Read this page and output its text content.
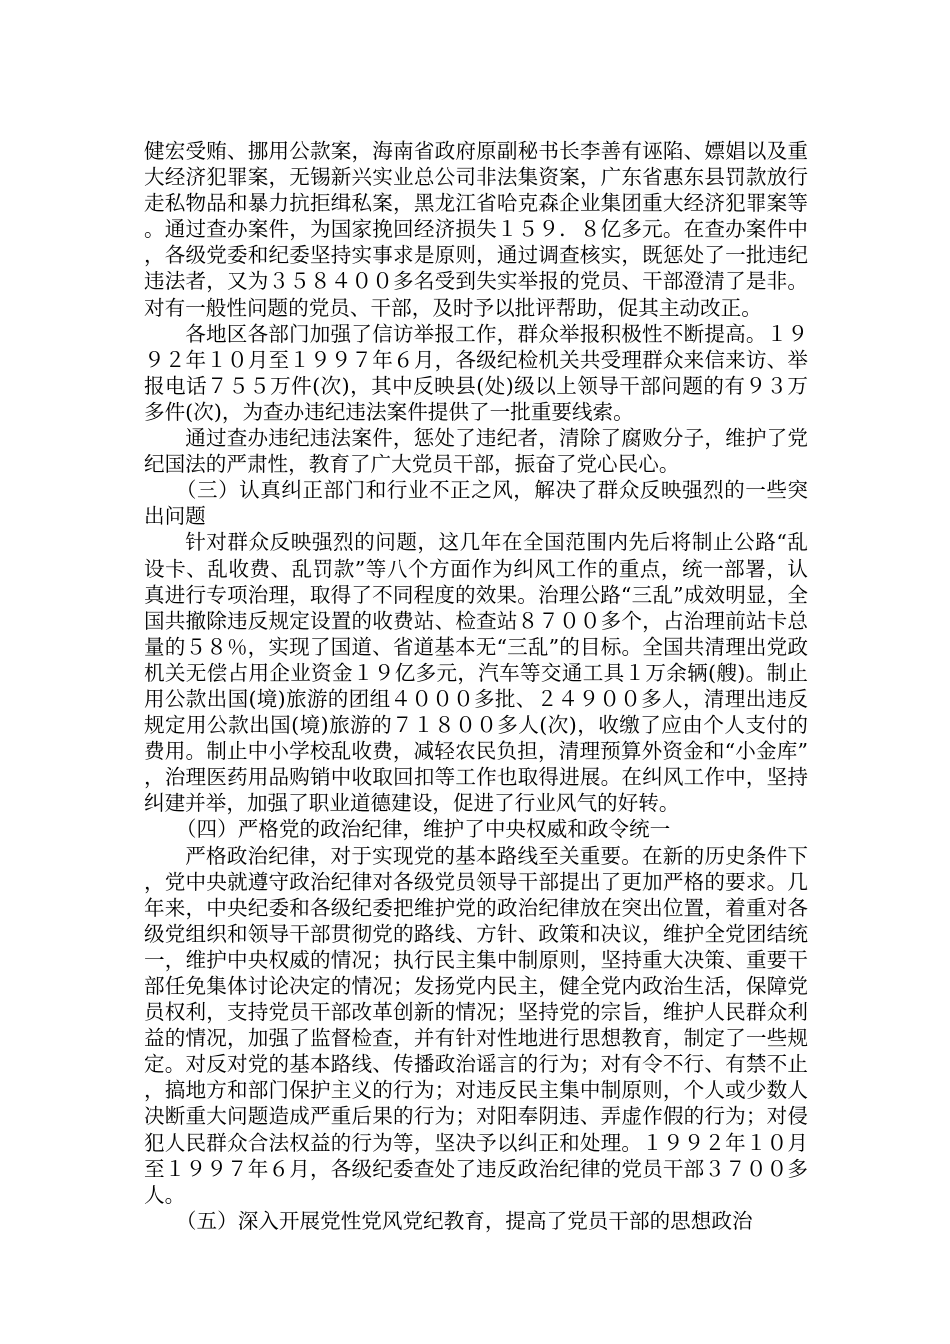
健宏受贿、挪用公款案，海南省政府原副秘书长李善有诬陷、嫖娼以及重大经济犯罪案，无锡新兴实业总公司非法集资案，广东省惠东县罚款放行走私物品和暴力抗拒缉私案，黑龙江省哈克森企业集团重大经济犯罪案等。通过查办案件，为国家挽回经济损失１５９．８亿多元。在查办案件中，各级党委和纪委坚持实事求是原则，通过调查核实，既惩处了一批违纪违法者，又为３５８４００多名受到失实举报的党员、干部澄清了是非。对有一般性问题的党员、干部，及时予以批评帮助，促其主动改正。

各地区各部门加强了信访举报工作，群众举报积极性不断提高。１９９２年１０月至１９９７年６月，各级纪检机关共受理群众来信来访、举报电话７５５万件(次)，其中反映县(处)级以上领导干部问题的有９３万多件(次)，为查办违纪违法案件提供了一批重要线索。

通过查办违纪违法案件，惩处了违纪者，清除了腐败分子，维护了党纪国法的严肃性，教育了广大党员干部，振奋了党心民心。

（三）认真纠正部门和行业不正之风，解决了群众反映强烈的一些突出问题

针对群众反映强烈的问题，这几年在全国范围内先后将制止公路“乱设卡、乱收费、乱罚款”等八个方面作为纠风工作的重点，统一部署，认真进行专项治理，取得了不同程度的效果。治理公路“三乱”成效明显，全国共撤除违反规定设置的收费站、检查站８７００多个，占治理前站卡总量的５８％，实现了国道、省道基本无“三乱”的目标。全国共清理出党政机关无偿占用企业资金１９亿多元，汽车等交通工具１万余辆(艘)。制止用公款出国(境)旅游的团组４０００多批、２４９００多人，清理出违反规定用公款出国(境)旅游的７１８００多人(次)，收缴了应由个人支付的费用。制止中小学校乱收费，减轻农民负担，清理预算外资金和“小金库”，治理医药用品购销中收取回扣等工作也取得进展。在纠风工作中，坚持纠建并举，加强了职业道德建设，促进了行业风气的好转。

（四）严格党的政治纪律，维护了中央权威和政令统一

严格政治纪律，对于实现党的基本路线至关重要。在新的历史条件下，党中央就遵守政治纪律对各级党员领导干部提出了更加严格的要求。几年来，中央纪委和各级纪委把维护党的政治纪律放在突出位置，着重对各级党组织和领导干部贯彻党的路线、方针、政策和决议，维护全党团结统一，维护中央权威的情况；执行民主集中制原则，坚持重大决策、重要干部任免集体讨论决定的情况；发扬党内民主，健全党内政治生活，保障党员权利，支持党员干部改革创新的情况；坚持党的宗旨，维护人民群众利益的情况，加强了监督检查，并有针对性地进行思想教育，制定了一些规定。对反对党的基本路线、传播政治谣言的行为；对有令不行、有禁不止，搞地方和部门保护主义的行为；对违反民主集中制原则，个人或少数人决断重大问题造成严重后果的行为；对阳奉阴违、弄虚作假的行为；对侵犯人民群众合法权益的行为等，坚决予以纠正和处理。１９９２年１０月至１９９７年６月，各级纪委查处了违反政治纪律的党员干部３７００多人。

（五）深入开展党性党风党纪教育，提高了党员干部的思想政治
